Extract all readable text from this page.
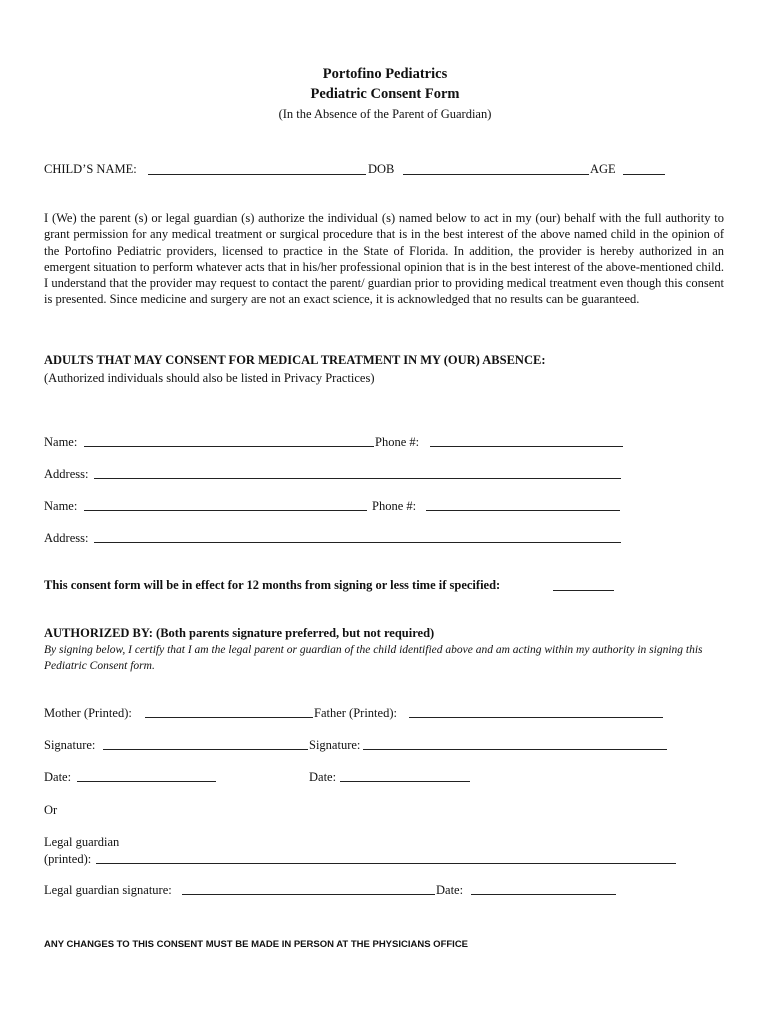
Portofino Pediatrics
Pediatric Consent Form
(In the Absence of the Parent of Guardian)
CHILD’S NAME:	DOB	AGE
I (We) the parent (s) or legal guardian (s) authorize the individual (s) named below to act in my (our) behalf with the full authority to grant permission for any medical treatment or surgical procedure that is in the best interest of the above named child in the opinion of the Portofino Pediatric providers, licensed to practice in the State of Florida. In addition, the provider is hereby authorized in an emergent situation to perform whatever acts that in his/her professional opinion that is in the best interest of the above-mentioned child. I understand that the provider may request to contact the parent/ guardian prior to providing medical treatment even though this consent is presented. Since medicine and surgery are not an exact science, it is acknowledged that no results can be guaranteed.
ADULTS THAT MAY CONSENT FOR MEDICAL TREATMENT IN MY (OUR) ABSENCE:
(Authorized individuals should also be listed in Privacy Practices)
Name:	Phone #:
Address:
Name:	Phone #:
Address:
This consent form will be in effect for 12 months from signing or less time if specified:
AUTHORIZED BY: (Both parents signature preferred, but not required)
By signing below, I certify that I am the legal parent or guardian of the child identified above and am acting within my authority in signing this Pediatric Consent form.
Mother (Printed):	Father (Printed):
Signature:	Signature:
Date:	Date:
Or
Legal guardian
(printed):
Legal guardian signature:	Date:
ANY CHANGES TO THIS CONSENT MUST BE MADE IN PERSON AT THE PHYSICIANS OFFICE
